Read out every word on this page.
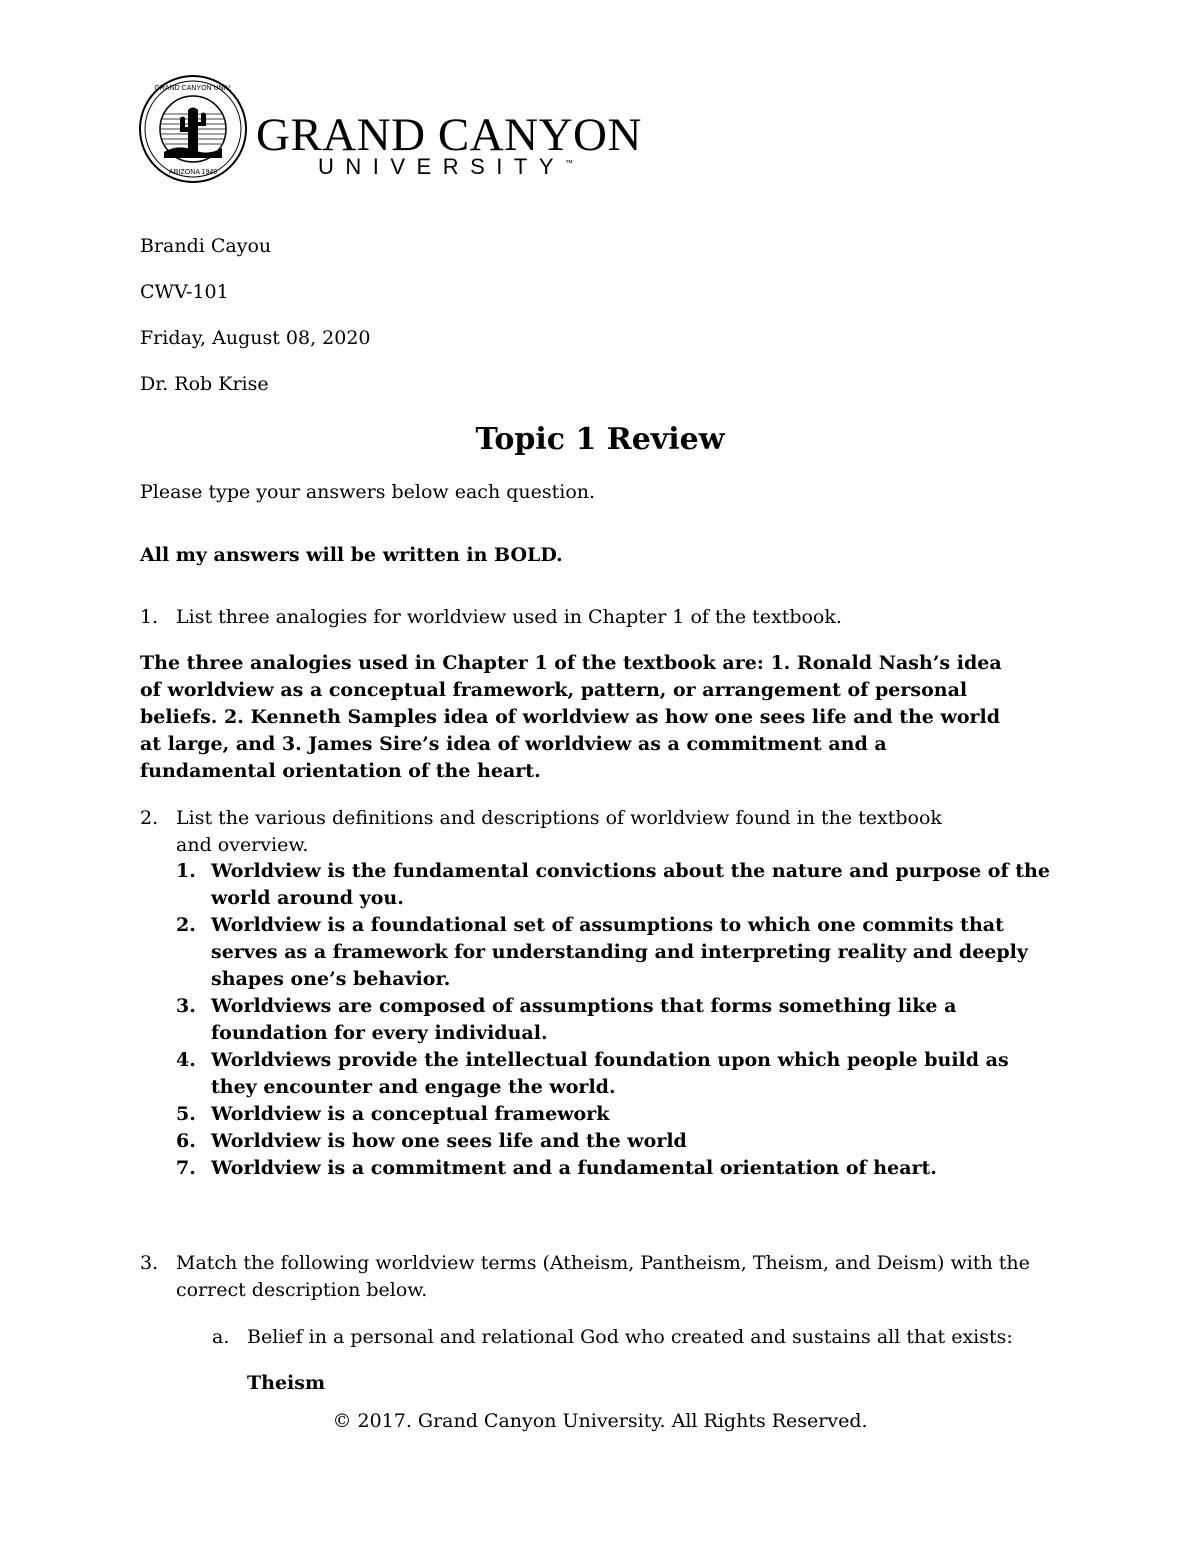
GRAND CANYON UNIV.
ARIZONA 1949
GRAND CANYON
UNIVERSITY™
Brandi Cayou
CWV-101
Friday, August 08, 2020
Dr. Rob Krise
Topic 1 Review
Please type your answers below each question.
All my answers will be written in BOLD.
1. List three analogies for worldview used in Chapter 1 of the textbook.
The three analogies used in Chapter 1 of the textbook are: 1. Ronald Nash’s idea of worldview as a conceptual framework, pattern, or arrangement of personal beliefs. 2. Kenneth Samples idea of worldview as how one sees life and the world at large, and 3. James Sire’s idea of worldview as a commitment and a fundamental orientation of the heart.
2. List the various definitions and descriptions of worldview found in the textbook and overview.
1. Worldview is the fundamental convictions about the nature and purpose of the world around you.
2. Worldview is a foundational set of assumptions to which one commits that serves as a framework for understanding and interpreting reality and deeply shapes one’s behavior.
3. Worldviews are composed of assumptions that forms something like a foundation for every individual.
4. Worldviews provide the intellectual foundation upon which people build as they encounter and engage the world.
5. Worldview is a conceptual framework
6. Worldview is how one sees life and the world
7. Worldview is a commitment and a fundamental orientation of heart.
3. Match the following worldview terms (Atheism, Pantheism, Theism, and Deism) with the correct description below.
a. Belief in a personal and relational God who created and sustains all that exists:
Theism
© 2017. Grand Canyon University. All Rights Reserved.
